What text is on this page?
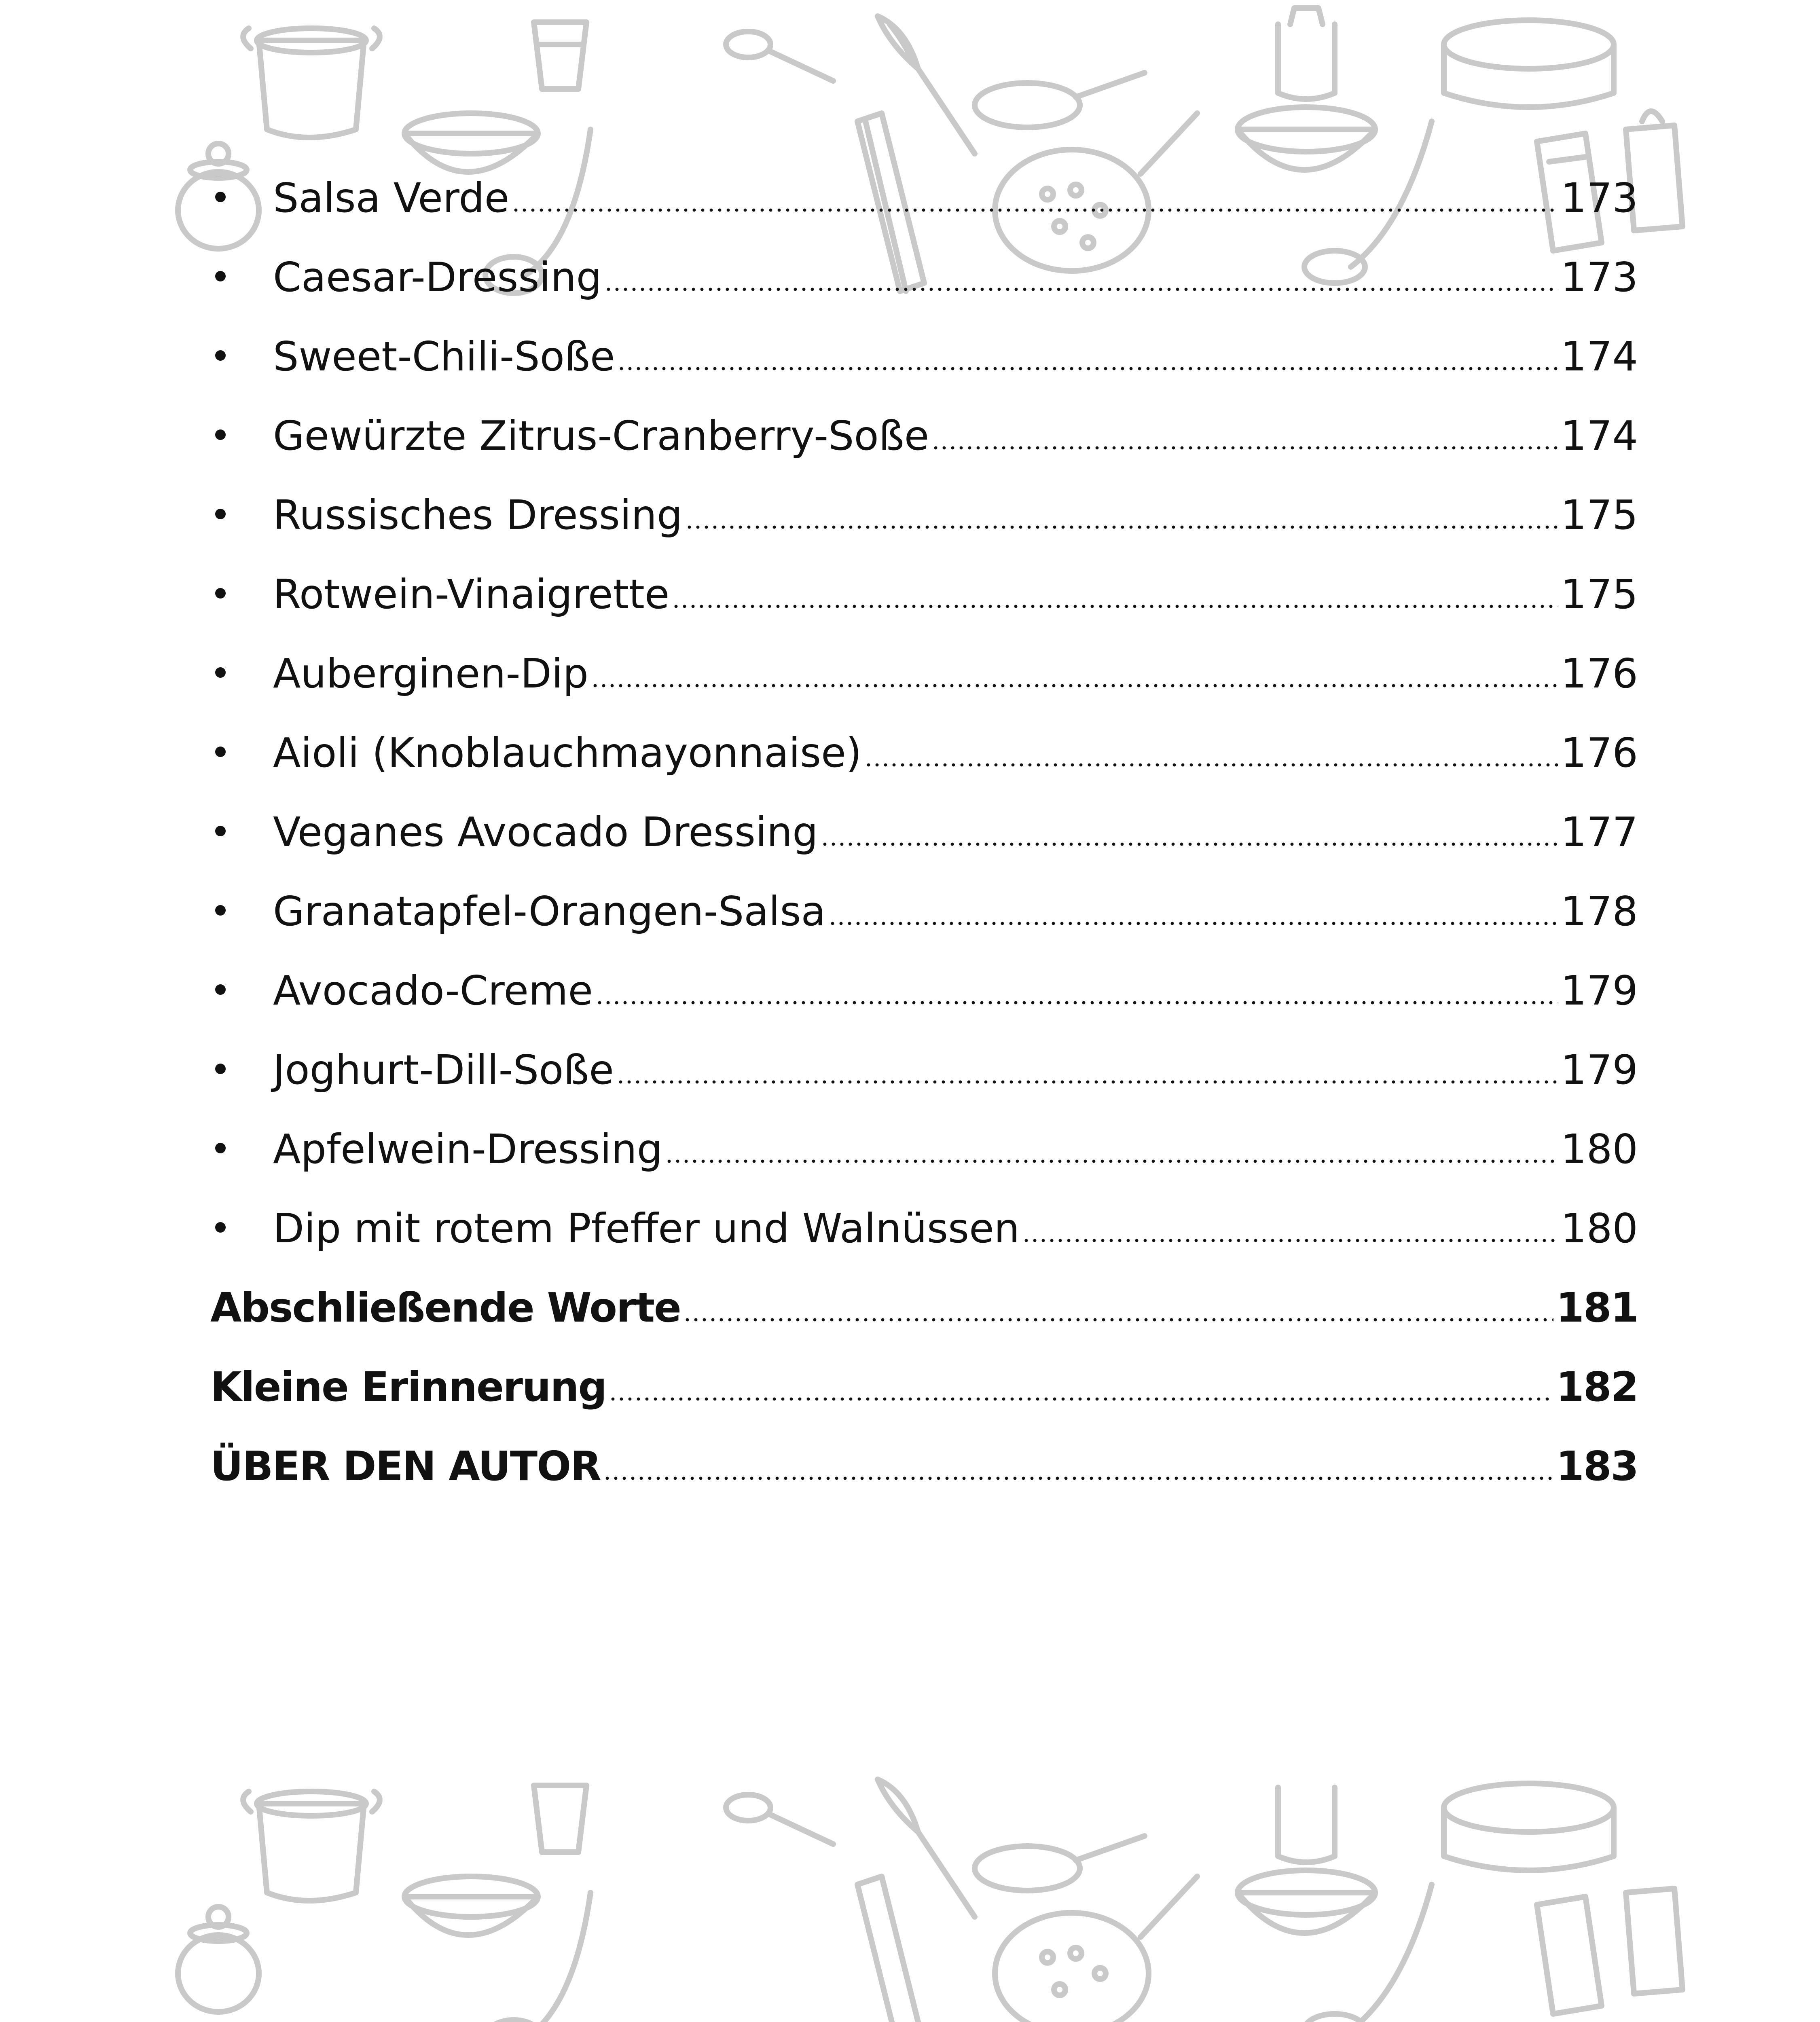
Salsa Verde	173
Caesar-Dressing	173
Sweet-Chili-Soße	174
Gewürzte Zitrus-Cranberry-Soße	174
Russisches Dressing	175
Rotwein-Vinaigrette	175
Auberginen-Dip	176
Aioli (Knoblauchmayonnaise)	176
Veganes Avocado Dressing	177
Granatapfel-Orangen-Salsa	178
Avocado-Creme	179
Joghurt-Dill-Soße	179
Apfelwein-Dressing	180
Dip mit rotem Pfeffer und Walnüssen	180
Abschließende Worte	181
Kleine Erinnerung	182
ÜBER DEN AUTOR	183
